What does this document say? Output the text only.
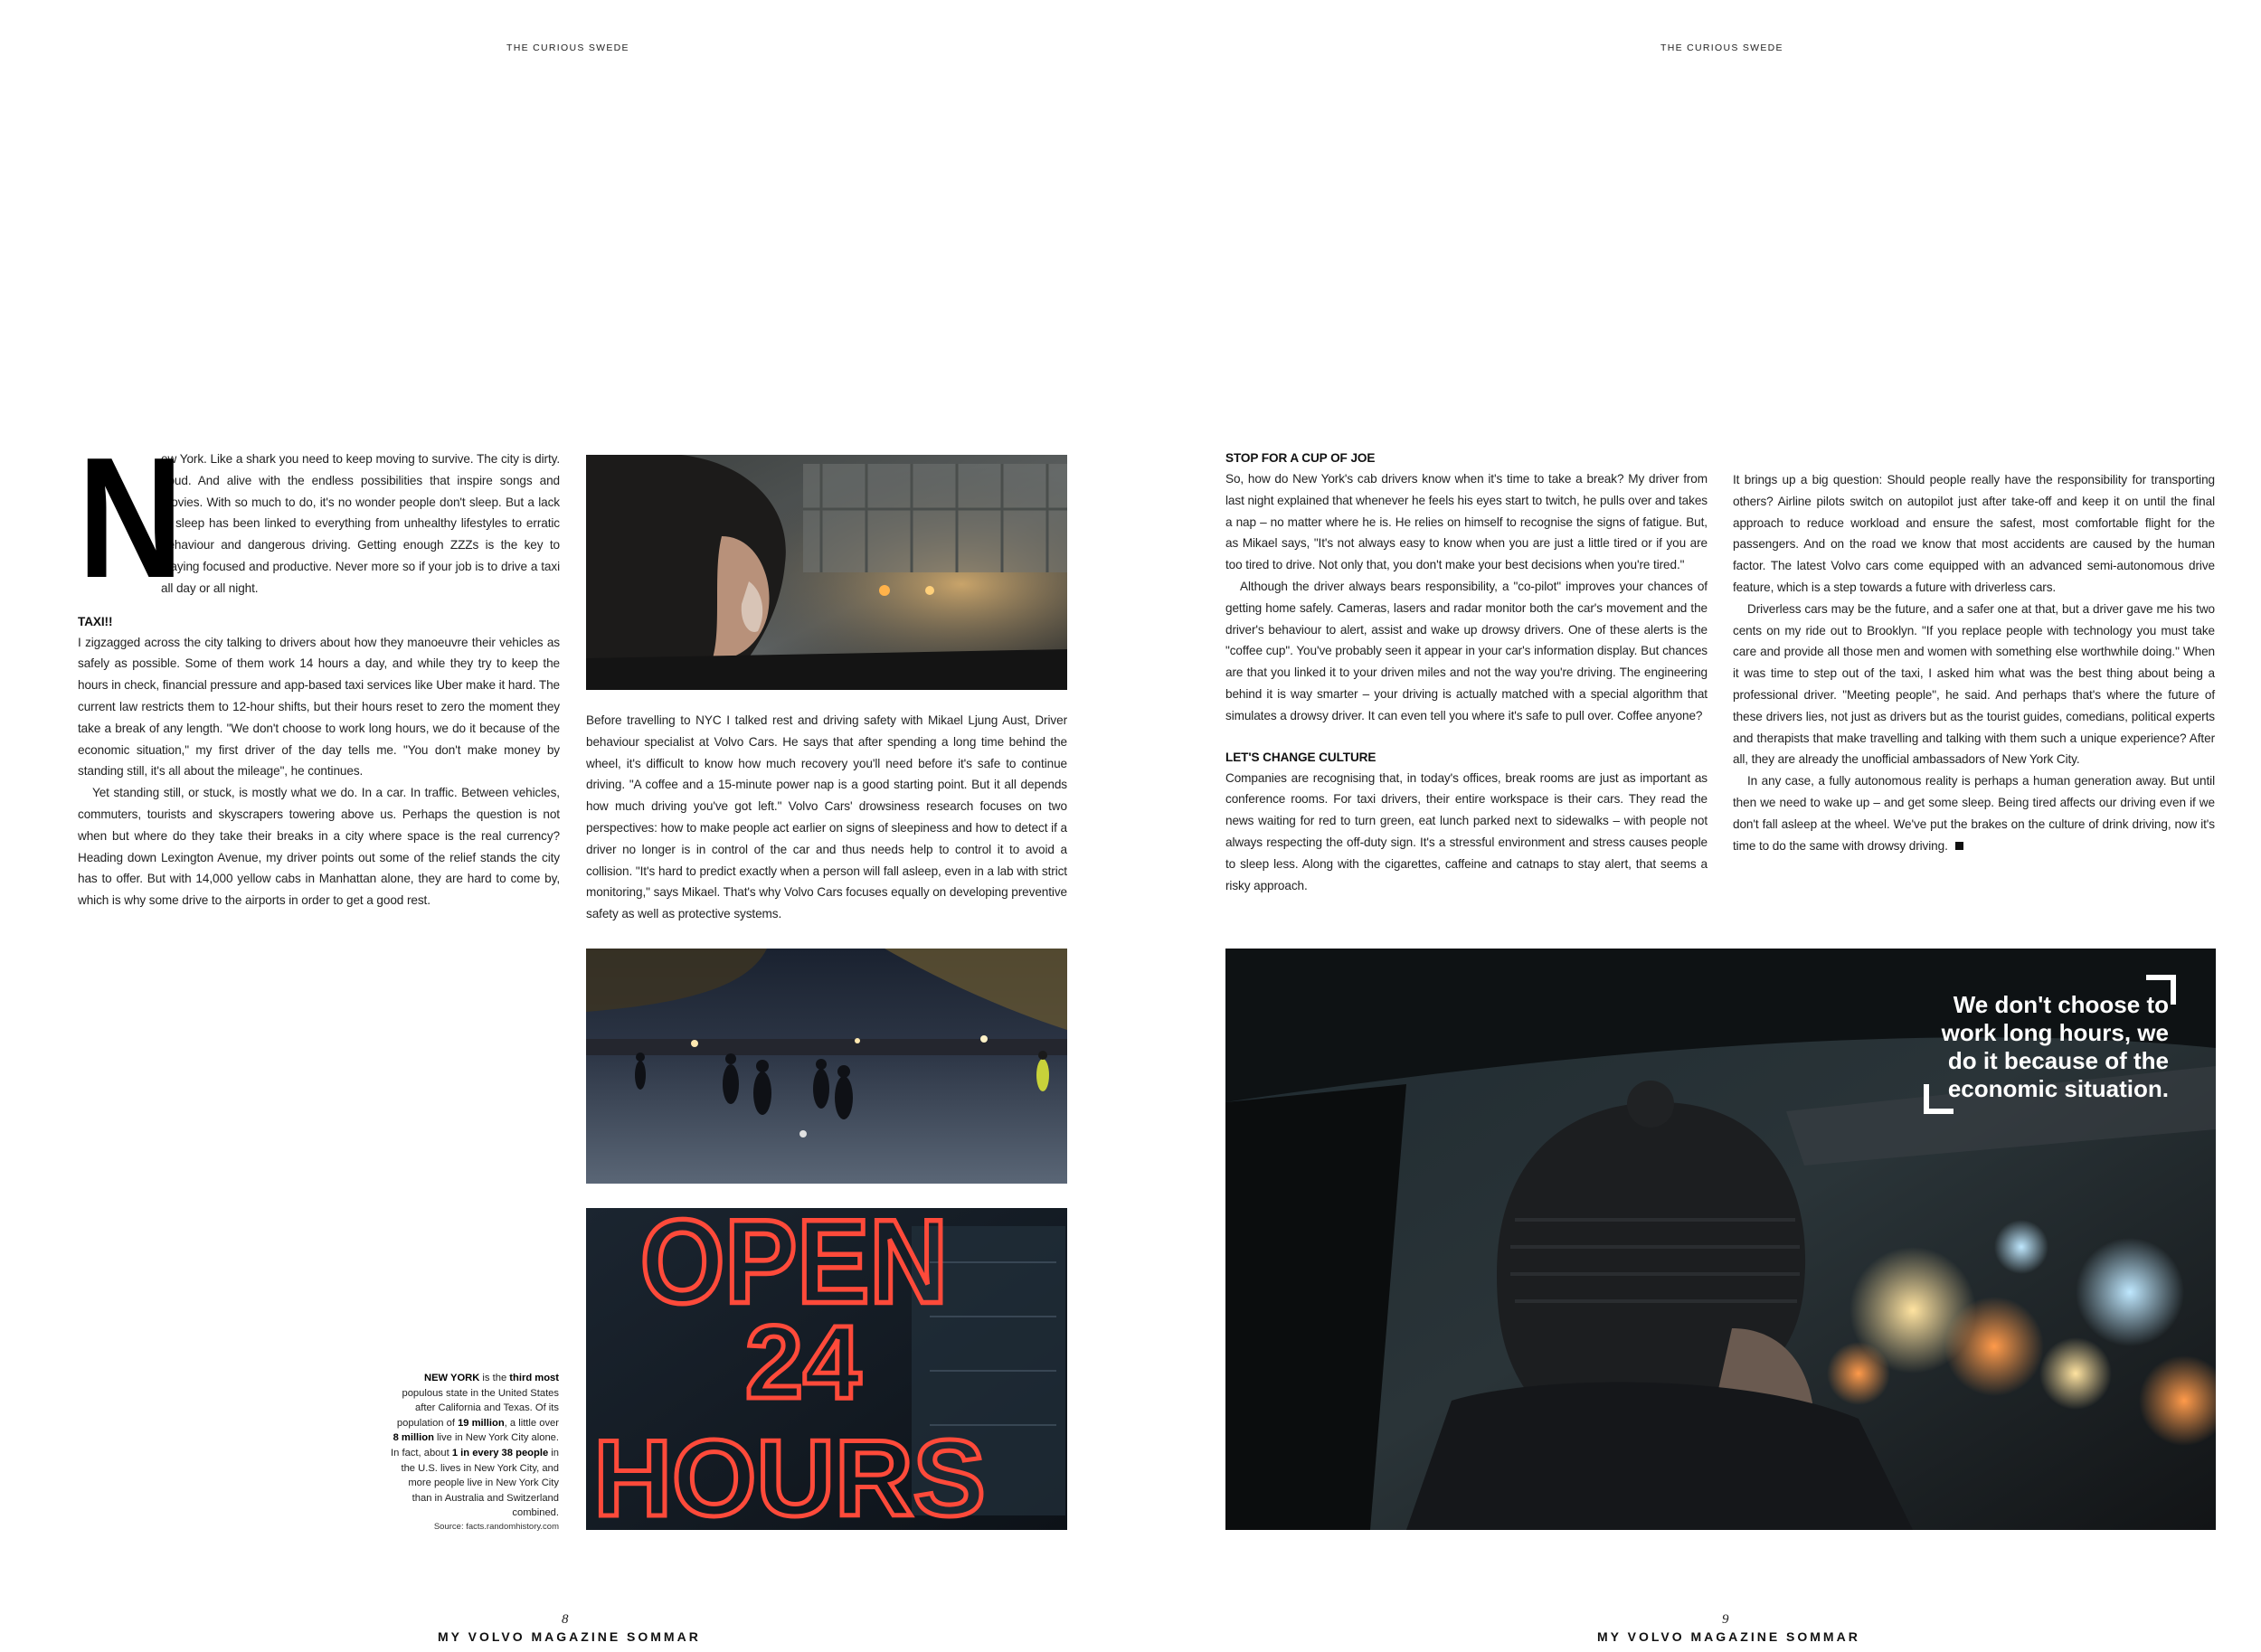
THE CURIOUS SWEDE
N

ew York. Like a shark you need to keep moving to survive. The city is dirty. Loud. And alive with the endless possibilities that inspire songs and movies. With so much to do, it's no wonder people don't sleep. But a lack of sleep has been linked to everything from unhealthy lifestyles to erratic behaviour and dangerous driving. Getting enough ZZZs is the key to staying focused and productive. Never more so if your job is to drive a taxi all day or all night.

TAXI!!

I zigzagged across the city talking to drivers about how they manoeuvre their vehicles as safely as possible. Some of them work 14 hours a day, and while they try to keep the hours in check, financial pressure and app-based taxi services like Uber make it hard. The current law restricts them to 12-hour shifts, but their hours reset to zero the moment they take a break of any length. "We don't choose to work long hours, we do it because of the economic situation," my first driver of the day tells me. "You don't make money by standing still, it's all about the mileage", he continues.

Yet standing still, or stuck, is mostly what we do. In a car. In traffic. Between vehicles, commuters, tourists and skyscrapers towering above us. Perhaps the question is not when but where do they take their breaks in a city where space is the real currency? Heading down Lexington Avenue, my driver points out some of the relief stands the city has to offer. But with 14,000 yellow cabs in Manhattan alone, they are hard to come by, which is why some drive to the airports in order to get a good rest.

Before travelling to NYC I talked rest and driving safety with Mikael Ljung Aust, Driver behaviour specialist at Volvo Cars. He says that after spending a long time behind the wheel, it's difficult to know how much recovery you'll need before it's safe to continue driving. "A coffee and a 15-minute power nap is a good starting point. But it all depends how much driving you've got left." Volvo Cars' drowsiness research focuses on two perspectives: how to make people act earlier on signs of sleepiness and how to detect if a driver no longer is in control of the car and thus needs help to control it to avoid a collision. "It's hard to predict exactly when a person will fall asleep, even in a lab with strict monitoring," says Mikael. That's why Volvo Cars focuses equally on developing preventive safety as well as protective systems.

OPEN
24
HOURS
NEW YORK is the third most populous state in the United States after California and Texas. Of its population of 19 million, a little over 8 million live in New York City alone. In fact, about 1 in every 38 people in the U.S. lives in New York City, and more people live in New York City than in Australia and Switzerland combined.
Source: facts.randomhistory.com
8
MY VOLVO MAGAZINE SOMMAR
THE CURIOUS SWEDE

STOP FOR A CUP OF JOE

So, how do New York's cab drivers know when it's time to take a break? My driver from last night explained that whenever he feels his eyes start to twitch, he pulls over and takes a nap – no matter where he is. He relies on himself to recognise the signs of fatigue. But, as Mikael says, "It's not always easy to know when you are just a little tired or if you are too tired to drive. Not only that, you don't make your best decisions when you're tired."

Although the driver always bears responsibility, a "co-pilot" improves your chances of getting home safely. Cameras, lasers and radar monitor both the car's movement and the driver's behaviour to alert, assist and wake up drowsy drivers. One of these alerts is the "coffee cup". You've probably seen it appear in your car's information display. But chances are that you linked it to your driven miles and not the way you're driving. The engineering behind it is way smarter – your driving is actually matched with a special algorithm that simulates a drowsy driver. It can even tell you where it's safe to pull over. Coffee anyone?

LET'S CHANGE CULTURE

Companies are recognising that, in today's offices, break rooms are just as important as conference rooms. For taxi drivers, their entire workspace is their cars. They read the news waiting for red to turn green, eat lunch parked next to sidewalks – with people not always respecting the off-duty sign. It's a stressful environment and stress causes people to sleep less. Along with the cigarettes, caffeine and catnaps to stay alert, that seems a risky approach.

It brings up a big question: Should people really have the responsibility for transporting others? Airline pilots switch on autopilot just after take-off and keep it on until the final approach to reduce workload and ensure the safest, most comfortable flight for the passengers. And on the road we know that most accidents are caused by the human factor. The latest Volvo cars come equipped with an advanced semi-autonomous drive feature, which is a step towards a future with driverless cars.

Driverless cars may be the future, and a safer one at that, but a driver gave me his two cents on my ride out to Brooklyn. "If you replace people with technology you must take care and provide all those men and women with something else worthwhile doing." When it was time to step out of the taxi, I asked him what was the best thing about being a professional driver. "Meeting people", he said. And perhaps that's where the future of these drivers lies, not just as drivers but as the tourist guides, comedians, political experts and therapists that make travelling and talking with them such a unique experience? After all, they are already the unofficial ambassadors of New York City.

In any case, a fully autonomous reality is perhaps a human generation away. But until then we need to wake up – and get some sleep. Being tired affects our driving even if we don't fall asleep at the wheel. We've put the brakes on the culture of drink driving, now it's time to do the same with drowsy driving.

We don't choose to work long hours, we do it because of the economic situation.
9
MY VOLVO MAGAZINE SOMMAR
